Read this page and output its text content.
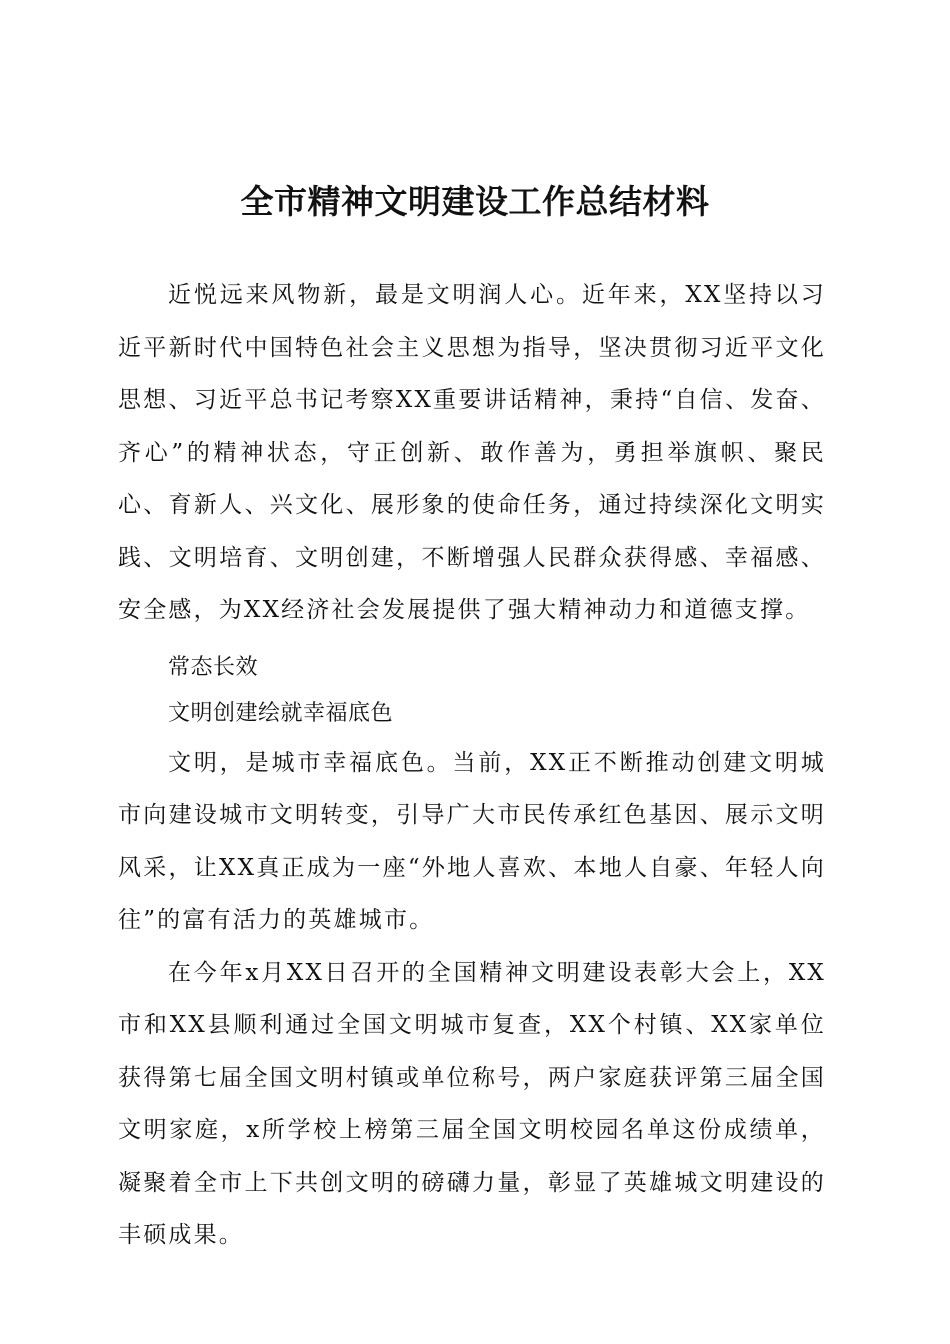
全市精神文明建设工作总结材料

近悦远来风物新，最是文明润人心。近年来，XX坚持以习近平新时代中国特色社会主义思想为指导，坚决贯彻习近平文化思想、习近平总书记考察XX重要讲话精神，秉持“自信、发奋、齐心”的精神状态，守正创新、敢作善为，勇担举旗帜、聚民心、育新人、兴文化、展形象的使命任务，通过持续深化文明实践、文明培育、文明创建，不断增强人民群众获得感、幸福感、安全感，为XX经济社会发展提供了强大精神动力和道德支撑。

常态长效

文明创建绘就幸福底色

文明，是城市幸福底色。当前，XX正不断推动创建文明城市向建设城市文明转变，引导广大市民传承红色基因、展示文明风采，让XX真正成为一座“外地人喜欢、本地人自豪、年轻人向往”的富有活力的英雄城市。

在今年x月XX日召开的全国精神文明建设表彰大会上，XX市和XX县顺利通过全国文明城市复查，XX个村镇、XX家单位获得第七届全国文明村镇或单位称号，两户家庭获评第三届全国文明家庭，x所学校上榜第三届全国文明校园名单这份成绩单，凝聚着全市上下共创文明的磅礴力量，彰显了英雄城文明建设的丰硕成果。
